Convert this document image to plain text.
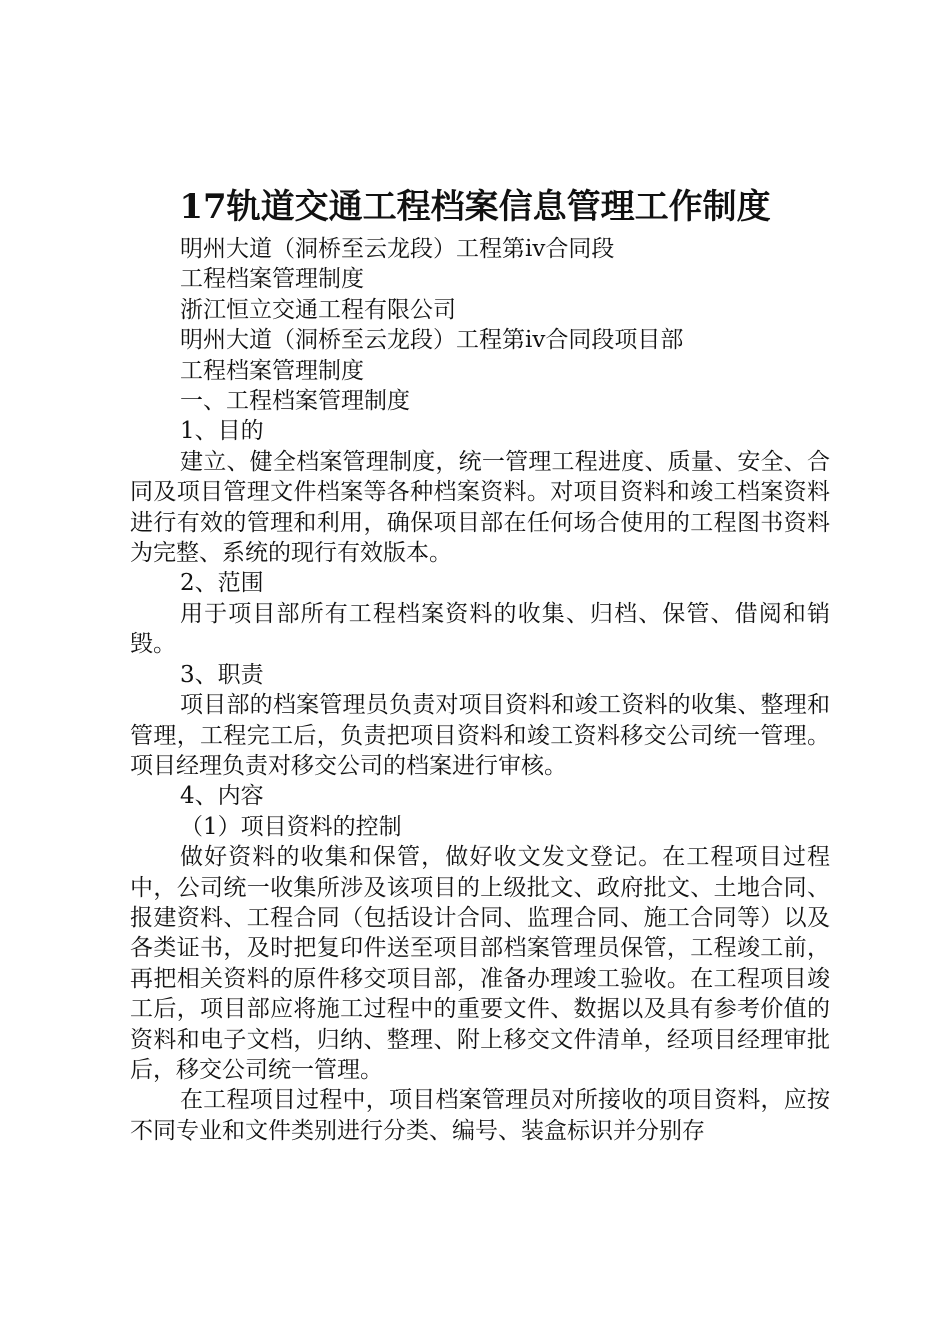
17轨道交通工程档案信息管理工作制度

明州大道（洞桥至云龙段）工程第iv合同段

工程档案管理制度

浙江恒立交通工程有限公司

明州大道（洞桥至云龙段）工程第iv合同段项目部

工程档案管理制度

一、工程档案管理制度

1、目的

建立、健全档案管理制度，统一管理工程进度、质量、安全、合同及项目管理文件档案等各种档案资料。对项目资料和竣工档案资料进行有效的管理和利用，确保项目部在任何场合使用的工程图书资料为完整、系统的现行有效版本。

2、范围

用于项目部所有工程档案资料的收集、归档、保管、借阅和销毁。

3、职责

项目部的档案管理员负责对项目资料和竣工资料的收集、整理和管理，工程完工后，负责把项目资料和竣工资料移交公司统一管理。项目经理负责对移交公司的档案进行审核。

4、内容

（1）项目资料的控制

做好资料的收集和保管，做好收文发文登记。在工程项目过程中，公司统一收集所涉及该项目的上级批文、政府批文、土地合同、报建资料、工程合同（包括设计合同、监理合同、施工合同等）以及各类证书，及时把复印件送至项目部档案管理员保管，工程竣工前，再把相关资料的原件移交项目部，准备办理竣工验收。在工程项目竣工后，项目部应将施工过程中的重要文件、数据以及具有参考价值的资料和电子文档，归纳、整理、附上移交文件清单，经项目经理审批后，移交公司统一管理。

在工程项目过程中，项目档案管理员对所接收的项目资料，应按不同专业和文件类别进行分类、编号、装盒标识并分别存
